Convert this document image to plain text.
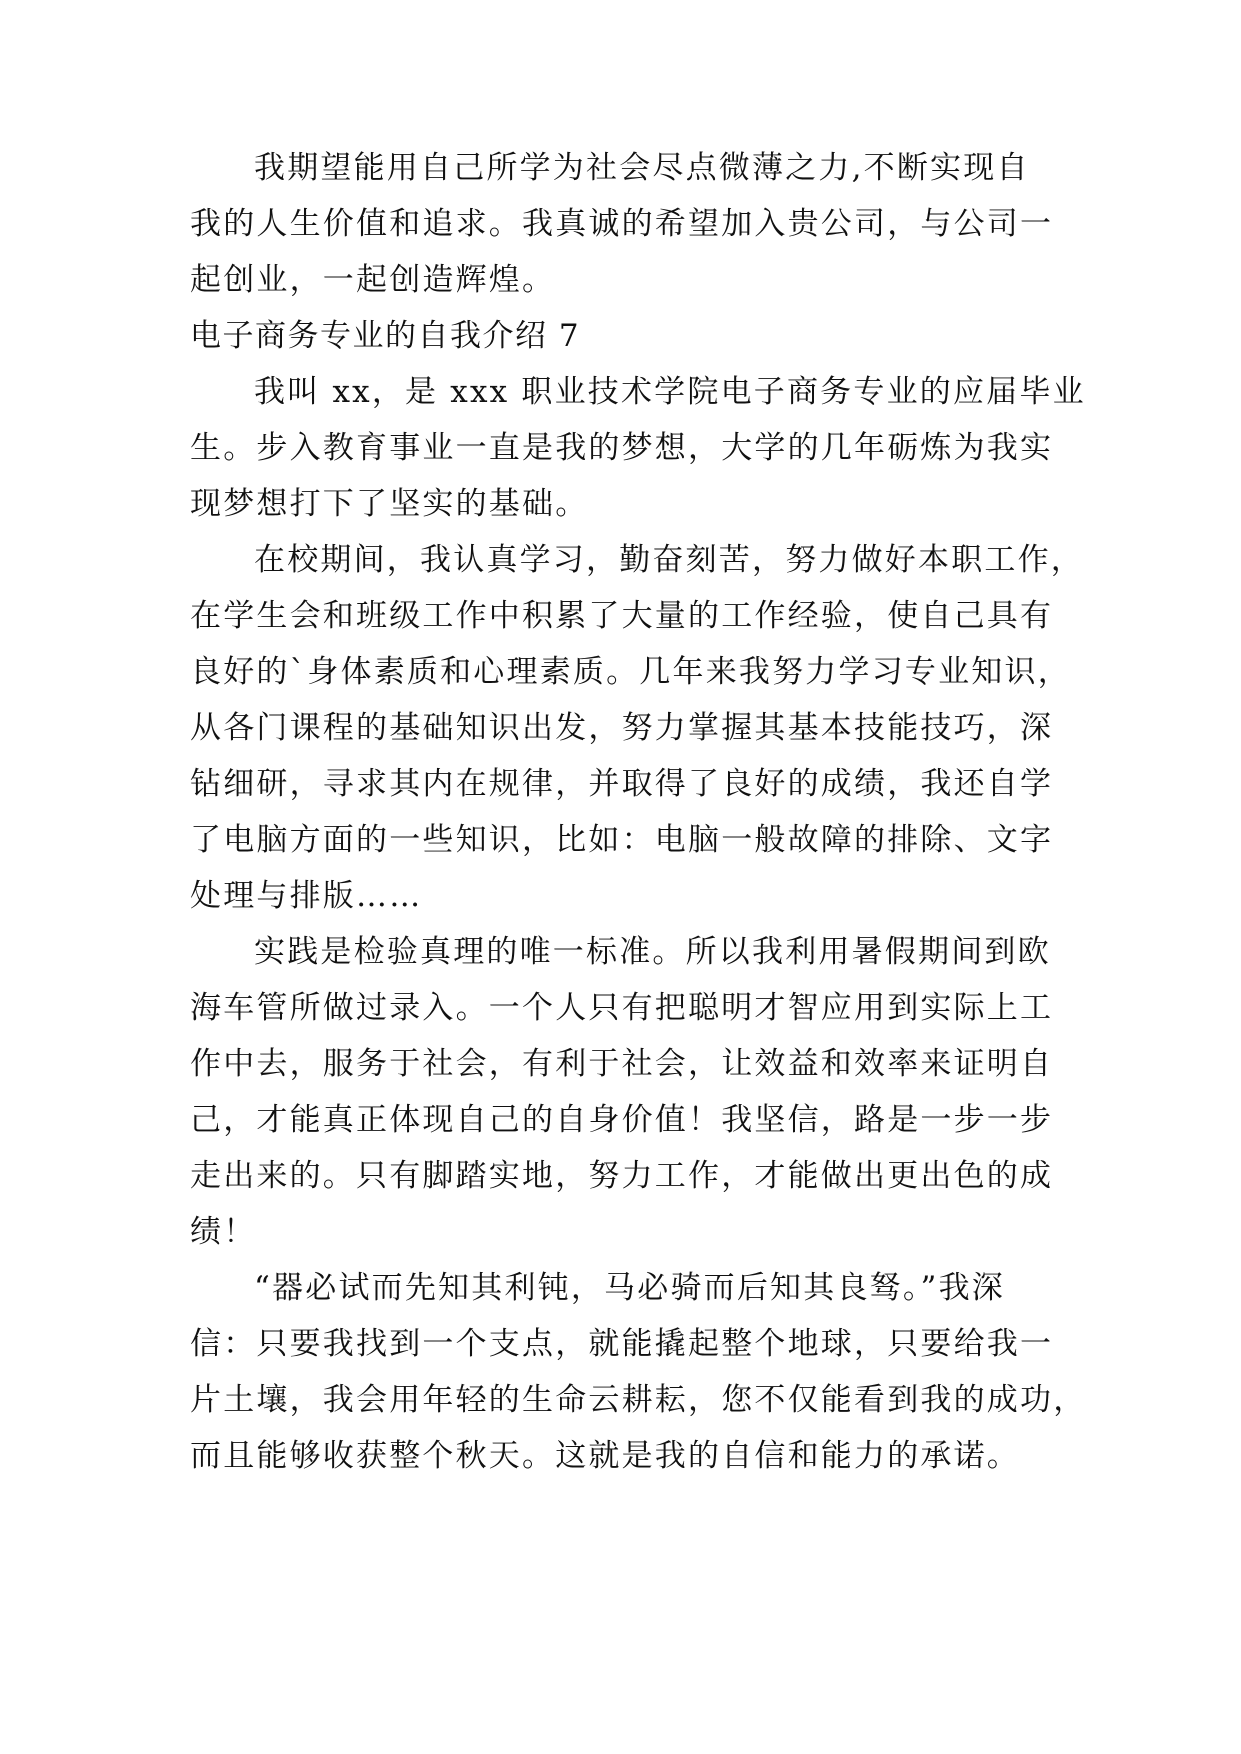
我期望能用自己所学为社会尽点微薄之力,不断实现自
我的人生价值和追求。我真诚的希望加入贵公司，与公司一
起创业，一起创造辉煌。
电子商务专业的自我介绍 7
我叫 xx，是 xxx 职业技术学院电子商务专业的应届毕业
生。步入教育事业一直是我的梦想，大学的几年砺炼为我实
现梦想打下了坚实的基础。
在校期间，我认真学习，勤奋刻苦，努力做好本职工作，
在学生会和班级工作中积累了大量的工作经验，使自己具有
良好的`身体素质和心理素质。几年来我努力学习专业知识，
从各门课程的基础知识出发，努力掌握其基本技能技巧，深
钻细研，寻求其内在规律，并取得了良好的成绩，我还自学
了电脑方面的一些知识，比如：电脑一般故障的排除、文字
处理与排版……
实践是检验真理的唯一标准。所以我利用暑假期间到欧
海车管所做过录入。一个人只有把聪明才智应用到实际上工
作中去，服务于社会，有利于社会，让效益和效率来证明自
己，才能真正体现自己的自身价值！我坚信，路是一步一步
走出来的。只有脚踏实地，努力工作，才能做出更出色的成
绩！
“器必试而先知其利钝，马必骑而后知其良驽。”我深
信：只要我找到一个支点，就能撬起整个地球，只要给我一
片土壤，我会用年轻的生命云耕耘，您不仅能看到我的成功，
而且能够收获整个秋天。这就是我的自信和能力的承诺。
